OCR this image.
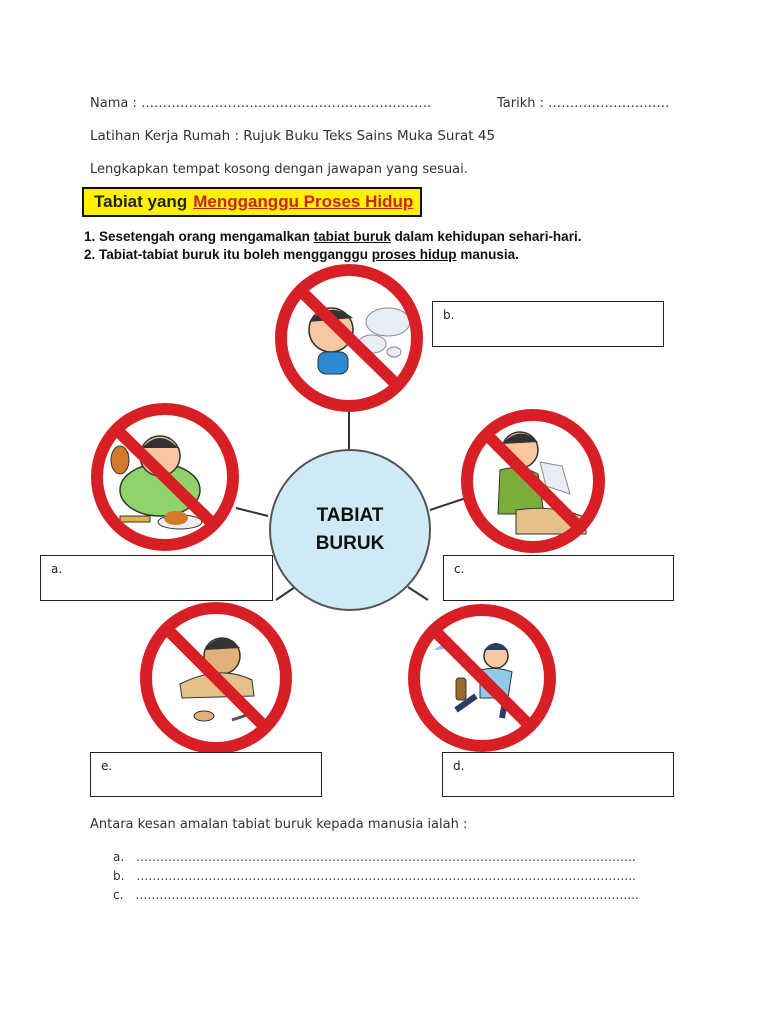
Nama : ………………………………………………………….	Tarikh : ……………………….
Latihan Kerja Rumah : Rujuk Buku Teks Sains Muka Surat 45
Lengkapkan tempat kosong dengan jawapan yang sesuai.
Tabiat yang Mengganggu Proses Hidup
1. Sesetengah orang mengamalkan tabiat buruk dalam kehidupan sehari-hari.
2. Tabiat-tabiat buruk itu boleh mengganggu proses hidup manusia.
TABIAT
BURUK
b.
a.	c.
e.	d.
Antara kesan amalan tabiat buruk kepada manusia ialah :
a. ……………………………………………………………………………………………………………..
b. ……………………………………………………………………………………………………………..
c. ……………………………………………………………………………………………………………...
